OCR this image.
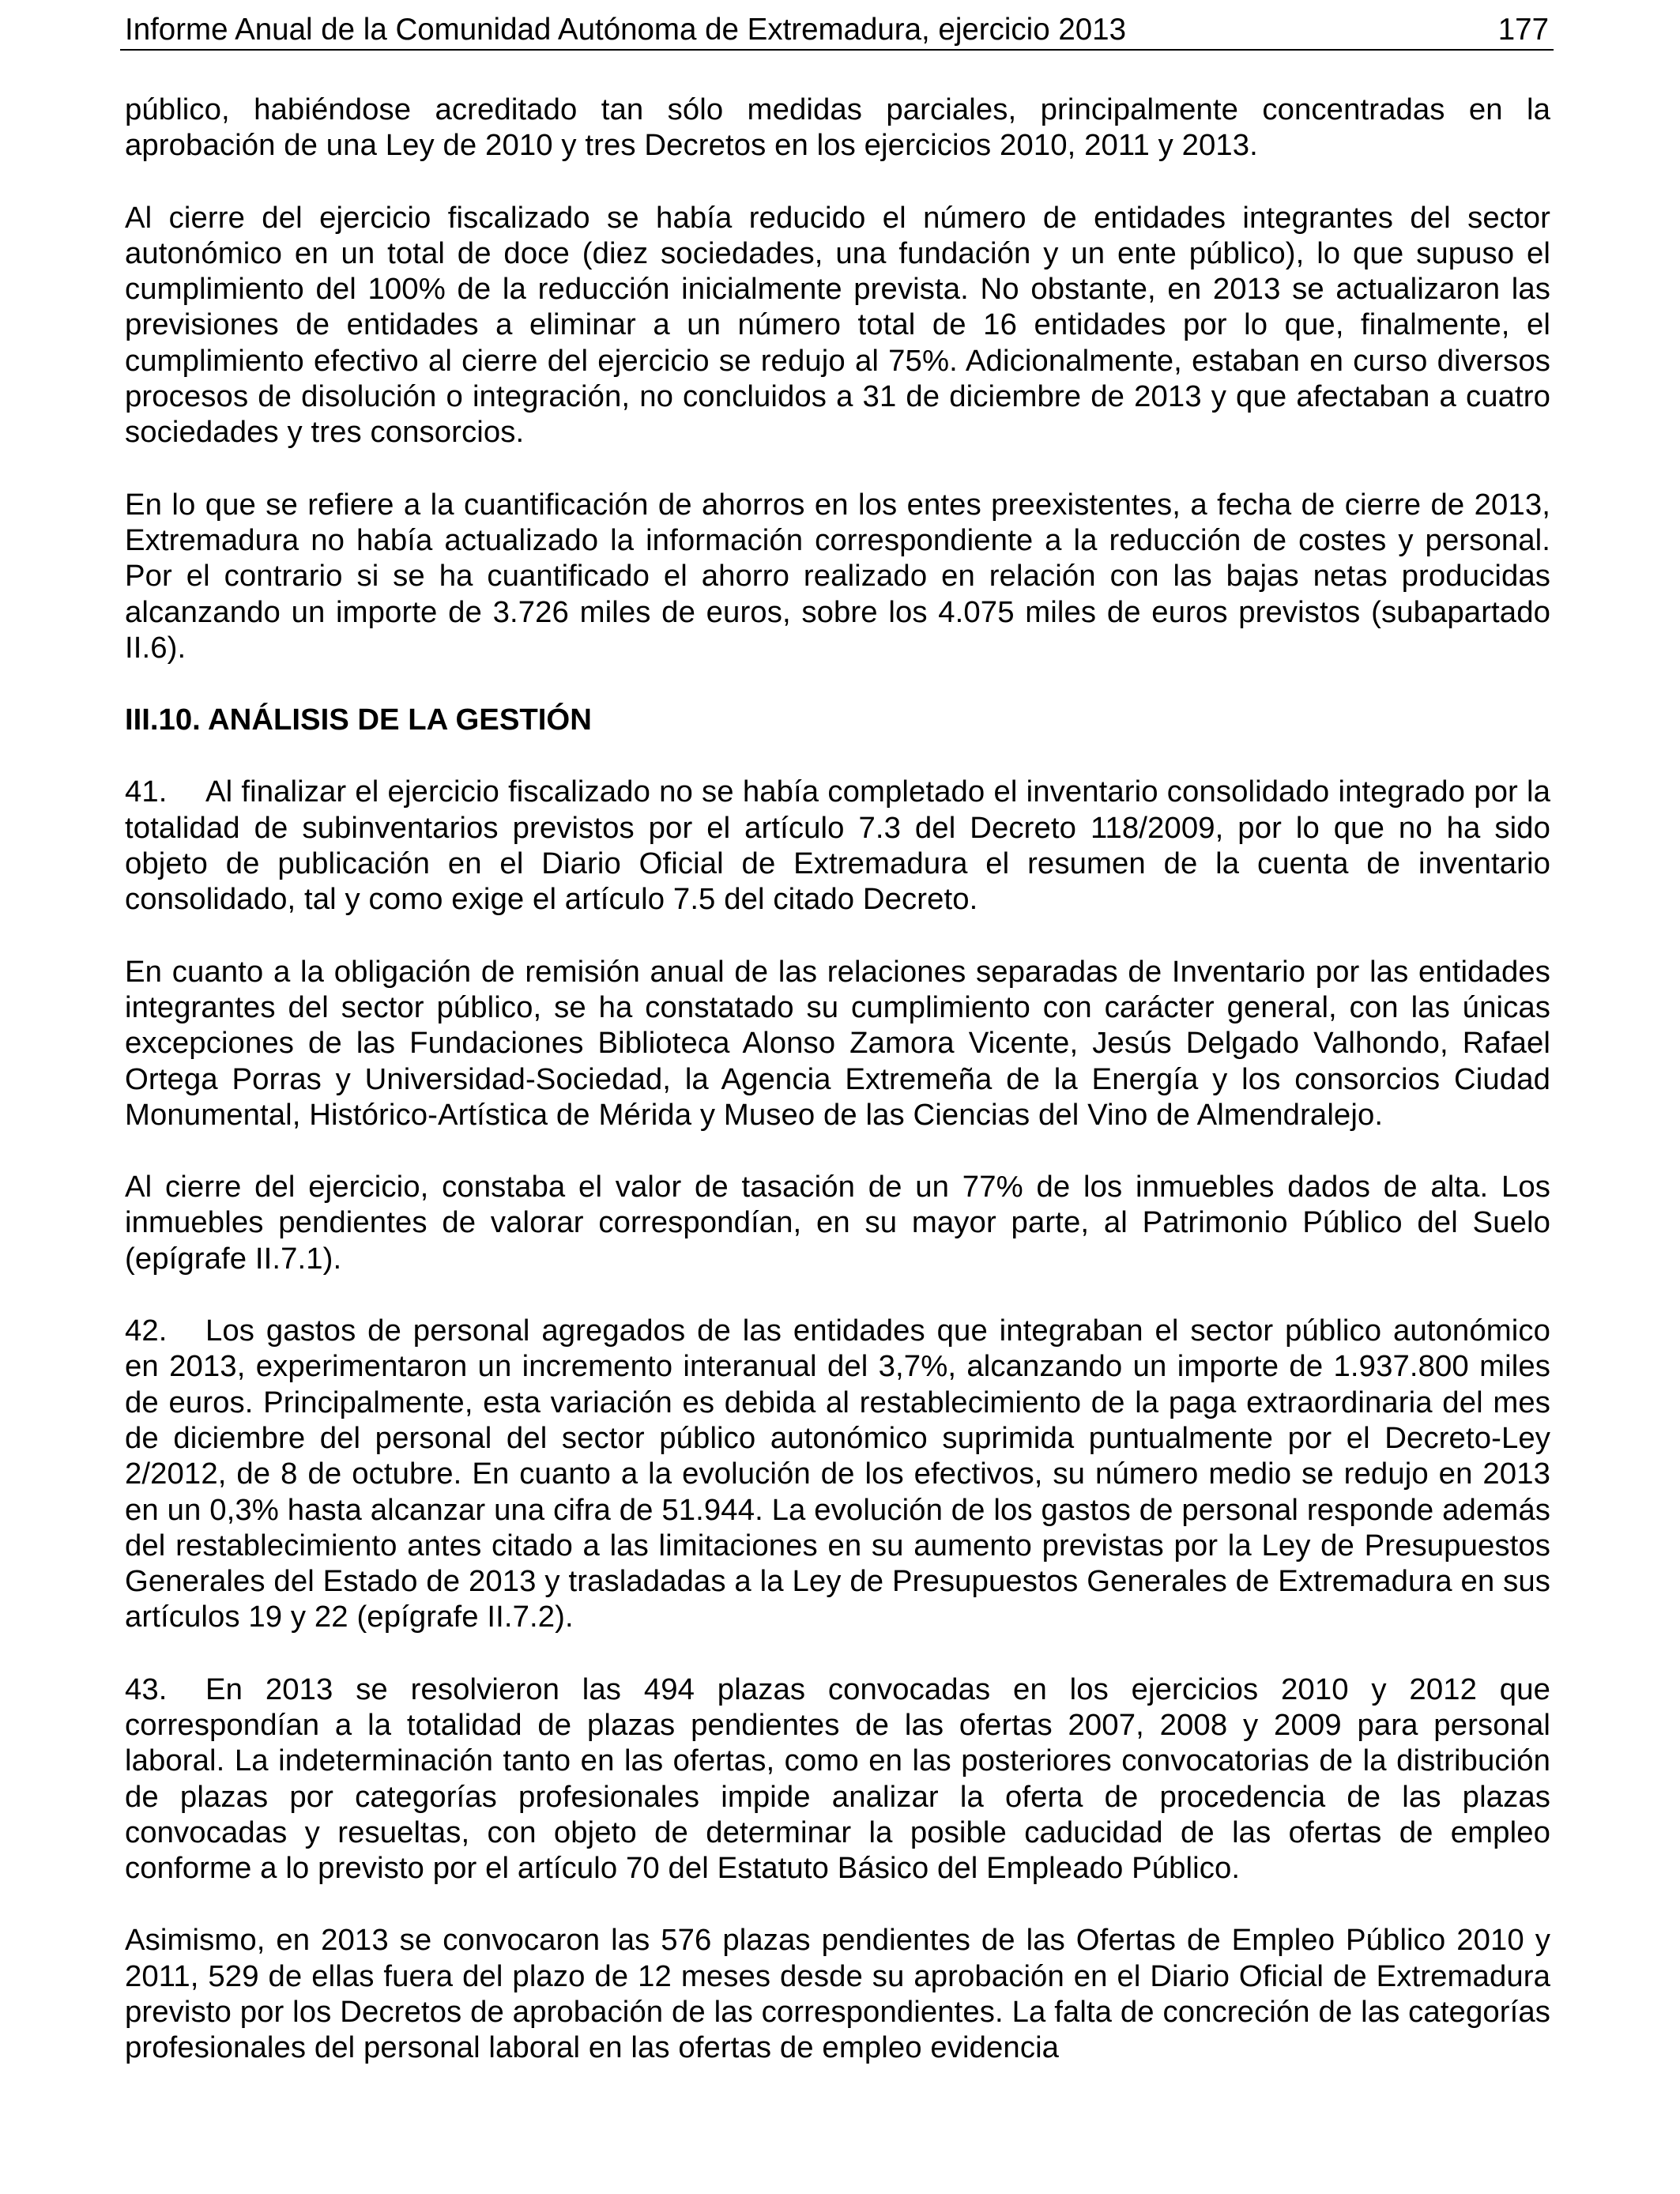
Informe Anual de la Comunidad Autónoma de Extremadura, ejercicio 2013	177

público, habiéndose acreditado tan sólo medidas parciales, principalmente concentradas en la aprobación de una Ley de 2010 y tres Decretos en los ejercicios 2010, 2011 y 2013.

Al cierre del ejercicio fiscalizado se había reducido el número de entidades integrantes del sector autonómico en un total de doce (diez sociedades, una fundación y un ente público), lo que supuso el cumplimiento del 100% de la reducción inicialmente prevista. No obstante, en 2013 se actualizaron las previsiones de entidades a eliminar a un número total de 16 entidades por lo que, finalmente, el cumplimiento efectivo al cierre del ejercicio se redujo al 75%. Adicionalmente, estaban en curso diversos procesos de disolución o integración, no concluidos a 31 de diciembre de 2013 y que afectaban a cuatro sociedades y tres consorcios.

En lo que se refiere a la cuantificación de ahorros en los entes preexistentes, a fecha de cierre de 2013, Extremadura no había actualizado la información correspondiente a la reducción de costes y personal. Por el contrario si se ha cuantificado el ahorro realizado en relación con las bajas netas producidas alcanzando un importe de 3.726 miles de euros, sobre los 4.075 miles de euros previstos (subapartado II.6).

III.10. ANÁLISIS DE LA GESTIÓN

41. Al finalizar el ejercicio fiscalizado no se había completado el inventario consolidado integrado por la totalidad de subinventarios previstos por el artículo 7.3 del Decreto 118/2009, por lo que no ha sido objeto de publicación en el Diario Oficial de Extremadura el resumen de la cuenta de inventario consolidado, tal y como exige el artículo 7.5 del citado Decreto.

En cuanto a la obligación de remisión anual de las relaciones separadas de Inventario por las entidades integrantes del sector público, se ha constatado su cumplimiento con carácter general, con las únicas excepciones de las Fundaciones Biblioteca Alonso Zamora Vicente, Jesús Delgado Valhondo, Rafael Ortega Porras y Universidad-Sociedad, la Agencia Extremeña de la Energía y los consorcios Ciudad Monumental, Histórico-Artística de Mérida y Museo de las Ciencias del Vino de Almendralejo.

Al cierre del ejercicio, constaba el valor de tasación de un 77% de los inmuebles dados de alta. Los inmuebles pendientes de valorar correspondían, en su mayor parte, al Patrimonio Público del Suelo (epígrafe II.7.1).

42. Los gastos de personal agregados de las entidades que integraban el sector público autonómico en 2013, experimentaron un incremento interanual del 3,7%, alcanzando un importe de 1.937.800 miles de euros. Principalmente, esta variación es debida al restablecimiento de la paga extraordinaria del mes de diciembre del personal del sector público autonómico suprimida puntualmente por el Decreto-Ley 2/2012, de 8 de octubre. En cuanto a la evolución de los efectivos, su número medio se redujo en 2013 en un 0,3% hasta alcanzar una cifra de 51.944. La evolución de los gastos de personal responde además del restablecimiento antes citado a las limitaciones en su aumento previstas por la Ley de Presupuestos Generales del Estado de 2013 y trasladadas a la Ley de Presupuestos Generales de Extremadura en sus artículos 19 y 22 (epígrafe II.7.2).

43. En 2013 se resolvieron las 494 plazas convocadas en los ejercicios 2010 y 2012 que correspondían a la totalidad de plazas pendientes de las ofertas 2007, 2008 y 2009 para personal laboral. La indeterminación tanto en las ofertas, como en las posteriores convocatorias de la distribución de plazas por categorías profesionales impide analizar la oferta de procedencia de las plazas convocadas y resueltas, con objeto de determinar la posible caducidad de las ofertas de empleo conforme a lo previsto por el artículo 70 del Estatuto Básico del Empleado Público.

Asimismo, en 2013 se convocaron las 576 plazas pendientes de las Ofertas de Empleo Público 2010 y 2011, 529 de ellas fuera del plazo de 12 meses desde su aprobación en el Diario Oficial de Extremadura previsto por los Decretos de aprobación de las correspondientes. La falta de concreción de las categorías profesionales del personal laboral en las ofertas de empleo evidencia
